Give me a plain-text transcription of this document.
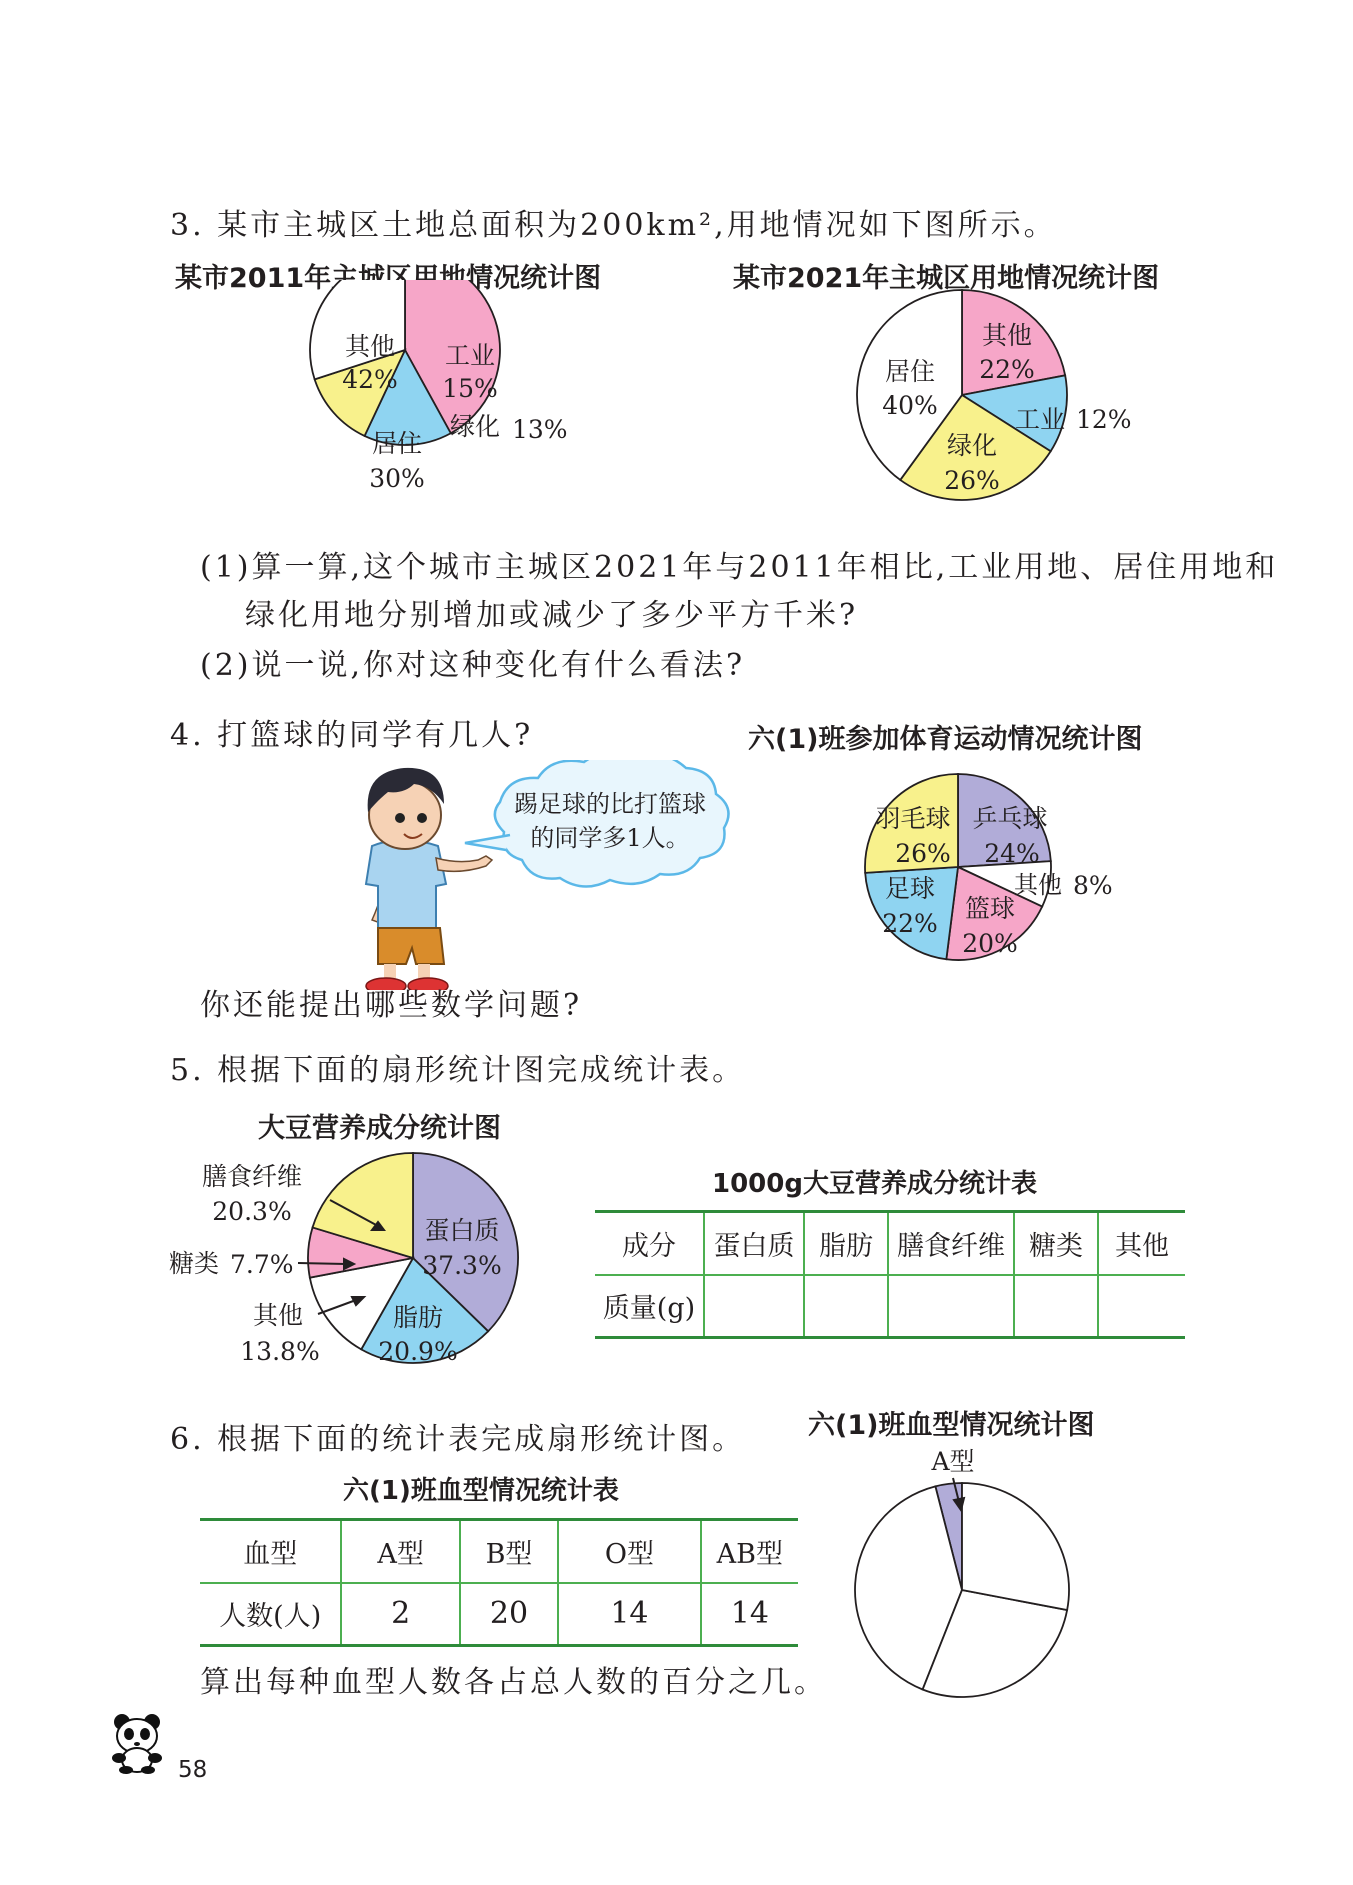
3. 某市主城区土地总面积为200km²,用地情况如下图所示。
某市2011年主城区用地情况统计图	某市2021年主城区用地情况统计图
其他
42%
工业
15%
绿化 13%
居住
30%
其他
22%
工业 12%
绿化
26%
居住
40%
(1)算一算,这个城市主城区2021年与2011年相比,工业用地、居住用地和
绿化用地分别增加或减少了多少平方千米?
(2)说一说,你对这种变化有什么看法?
4. 打篮球的同学有几人?	六(1)班参加体育运动情况统计图
踢足球的比打篮球
的同学多1人。
羽毛球
26%
乒乓球
24%
足球
22%
篮球
20%
其他 8%
你还能提出哪些数学问题?
5. 根据下面的扇形统计图完成统计表。
大豆营养成分统计图
蛋白质
37.3%
脂肪
20.9%
膳食纤维
20.3%
糖类 7.7%
其他
13.8%
1000g大豆营养成分统计表
成分	蛋白质	脂肪	膳食纤维	糖类	其他
质量(g)					
6. 根据下面的统计表完成扇形统计图。 六(1)班血型情况统计图
六(1)班血型情况统计表
血型	A型	B型	O型	AB型
人数(人)	2	20	14	14
A型
算出每种血型人数各占总人数的百分之几。
58
